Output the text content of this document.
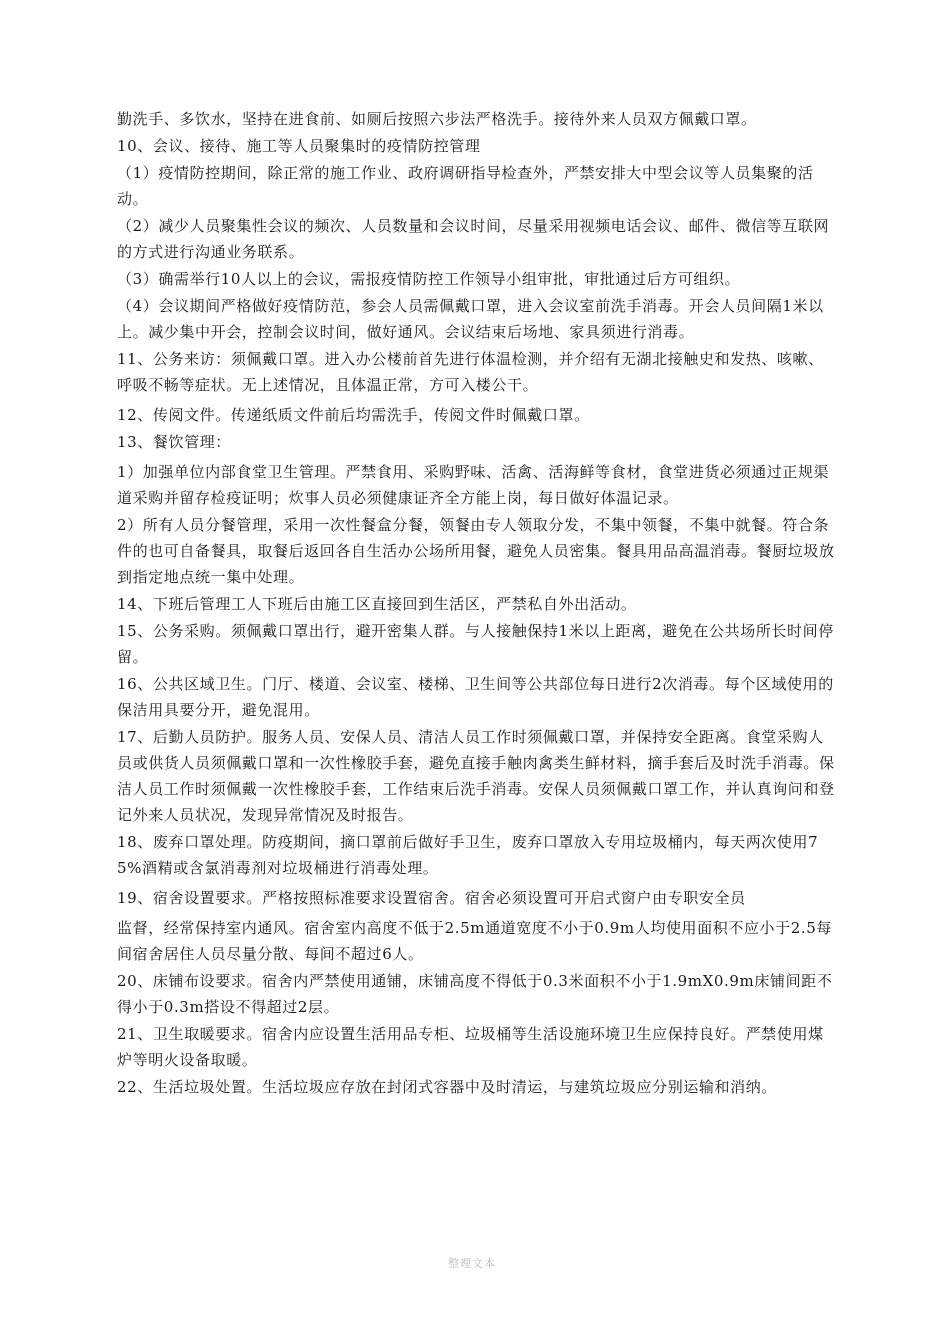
勤洗手、多饮水，坚持在进食前、如厕后按照六步法严格洗手。接待外来人员双方佩戴口罩。

10、会议、接待、施工等人员聚集时的疫情防控管理

（1）疫情防控期间，除正常的施工作业、政府调研指导检查外，严禁安排大中型会议等人员集聚的活动。

（2）减少人员聚集性会议的频次、人员数量和会议时间，尽量采用视频电话会议、邮件、微信等互联网的方式进行沟通业务联系。

（3）确需举行10人以上的会议，需报疫情防控工作领导小组审批，审批通过后方可组织。

（4）会议期间严格做好疫情防范，参会人员需佩戴口罩，进入会议室前洗手消毒。开会人员间隔1米以上。减少集中开会，控制会议时间，做好通风。会议结束后场地、家具须进行消毒。

11、公务来访：须佩戴口罩。进入办公楼前首先进行体温检测，并介绍有无湖北接触史和发热、咳嗽、呼吸不畅等症状。无上述情况，且体温正常，方可入楼公干。

12、传阅文件。传递纸质文件前后均需洗手，传阅文件时佩戴口罩。

13、餐饮管理：

1）加强单位内部食堂卫生管理。严禁食用、采购野味、活禽、活海鲜等食材，食堂进货必须通过正规渠道采购并留存检疫证明；炊事人员必须健康证齐全方能上岗，每日做好体温记录。

2）所有人员分餐管理，采用一次性餐盒分餐，领餐由专人领取分发，不集中领餐，不集中就餐。符合条件的也可自备餐具，取餐后返回各自生活办公场所用餐，避免人员密集。餐具用品高温消毒。餐厨垃圾放到指定地点统一集中处理。

14、下班后管理工人下班后由施工区直接回到生活区，严禁私自外出活动。

15、公务采购。须佩戴口罩出行，避开密集人群。与人接触保持1米以上距离，避免在公共场所长时间停留。

16、公共区域卫生。门厅、楼道、会议室、楼梯、卫生间等公共部位每日进行2次消毒。每个区域使用的保洁用具要分开，避免混用。

17、后勤人员防护。服务人员、安保人员、清洁人员工作时须佩戴口罩，并保持安全距离。食堂采购人员或供货人员须佩戴口罩和一次性橡胶手套，避免直接手触肉禽类生鲜材料，摘手套后及时洗手消毒。保洁人员工作时须佩戴一次性橡胶手套，工作结束后洗手消毒。安保人员须佩戴口罩工作，并认真询问和登记外来人员状况，发现异常情况及时报告。

18、废弃口罩处理。防疫期间，摘口罩前后做好手卫生，废弃口罩放入专用垃圾桶内，每天两次使用75%酒精或含氯消毒剂对垃圾桶进行消毒处理。

19、宿舍设置要求。严格按照标准要求设置宿舍。宿舍必须设置可开启式窗户由专职安全员

监督，经常保持室内通风。宿舍室内高度不低于2.5m通道宽度不小于0.9m人均使用面积不应小于2.5每间宿舍居住人员尽量分散、每间不超过6人。

20、床铺布设要求。宿舍内严禁使用通铺，床铺高度不得低于0.3米面积不小于1.9mX0.9m床铺间距不得小于0.3m搭设不得超过2层。

21、卫生取暖要求。宿舍内应设置生活用品专柜、垃圾桶等生活设施环境卫生应保持良好。严禁使用煤炉等明火设备取暖。

22、生活垃圾处置。生活垃圾应存放在封闭式容器中及时清运，与建筑垃圾应分别运输和消纳。

整理文本
